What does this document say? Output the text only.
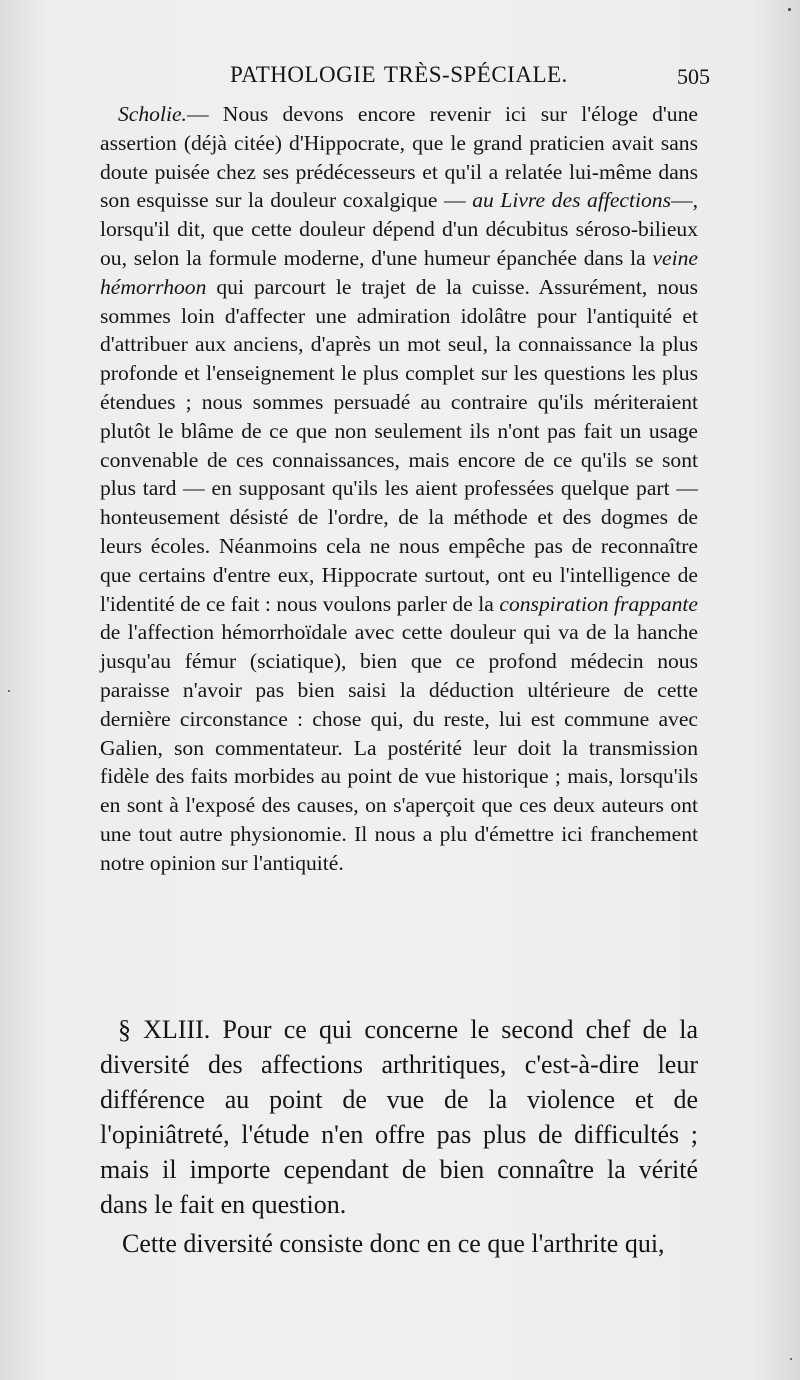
PATHOLOGIE TRÈS-SPÉCIALE.	505

Scholie.— Nous devons encore revenir ici sur l'éloge d'une assertion (déjà citée) d'Hippocrate, que le grand praticien avait sans doute puisée chez ses prédécesseurs et qu'il a relatée lui-même dans son esquisse sur la douleur coxalgique — au Livre des affections—, lorsqu'il dit, que cette douleur dépend d'un décubitus séroso-bilieux ou, selon la formule moderne, d'une humeur épanchée dans la veine hémorrhoon qui parcourt le trajet de la cuisse. Assurément, nous sommes loin d'affecter une admiration idolâtre pour l'antiquité et d'attribuer aux anciens, d'après un mot seul, la connaissance la plus profonde et l'enseignement le plus complet sur les questions les plus étendues ; nous sommes persuadé au contraire qu'ils mériteraient plutôt le blâme de ce que non seulement ils n'ont pas fait un usage convenable de ces connaissances, mais encore de ce qu'ils se sont plus tard — en supposant qu'ils les aient professées quelque part — honteusement désisté de l'ordre, de la méthode et des dogmes de leurs écoles. Néanmoins cela ne nous empêche pas de reconnaître que certains d'entre eux, Hippocrate surtout, ont eu l'intelligence de l'identité de ce fait : nous voulons parler de la conspiration frappante de l'affection hémorrhoïdale avec cette douleur qui va de la hanche jusqu'au fémur (sciatique), bien que ce profond médecin nous paraisse n'avoir pas bien saisi la déduction ultérieure de cette dernière circonstance : chose qui, du reste, lui est commune avec Galien, son commentateur. La postérité leur doit la transmission fidèle des faits morbides au point de vue historique ; mais, lorsqu'ils en sont à l'exposé des causes, on s'aperçoit que ces deux auteurs ont une tout autre physionomie. Il nous a plu d'émettre ici franchement notre opinion sur l'antiquité.

§ XLIII. Pour ce qui concerne le second chef de la diversité des affections arthritiques, c'est-à-dire leur différence au point de vue de la violence et de l'opiniâtreté, l'étude n'en offre pas plus de difficultés ; mais il importe cependant de bien connaître la vérité dans le fait en question.

Cette diversité consiste donc en ce que l'arthrite qui,
